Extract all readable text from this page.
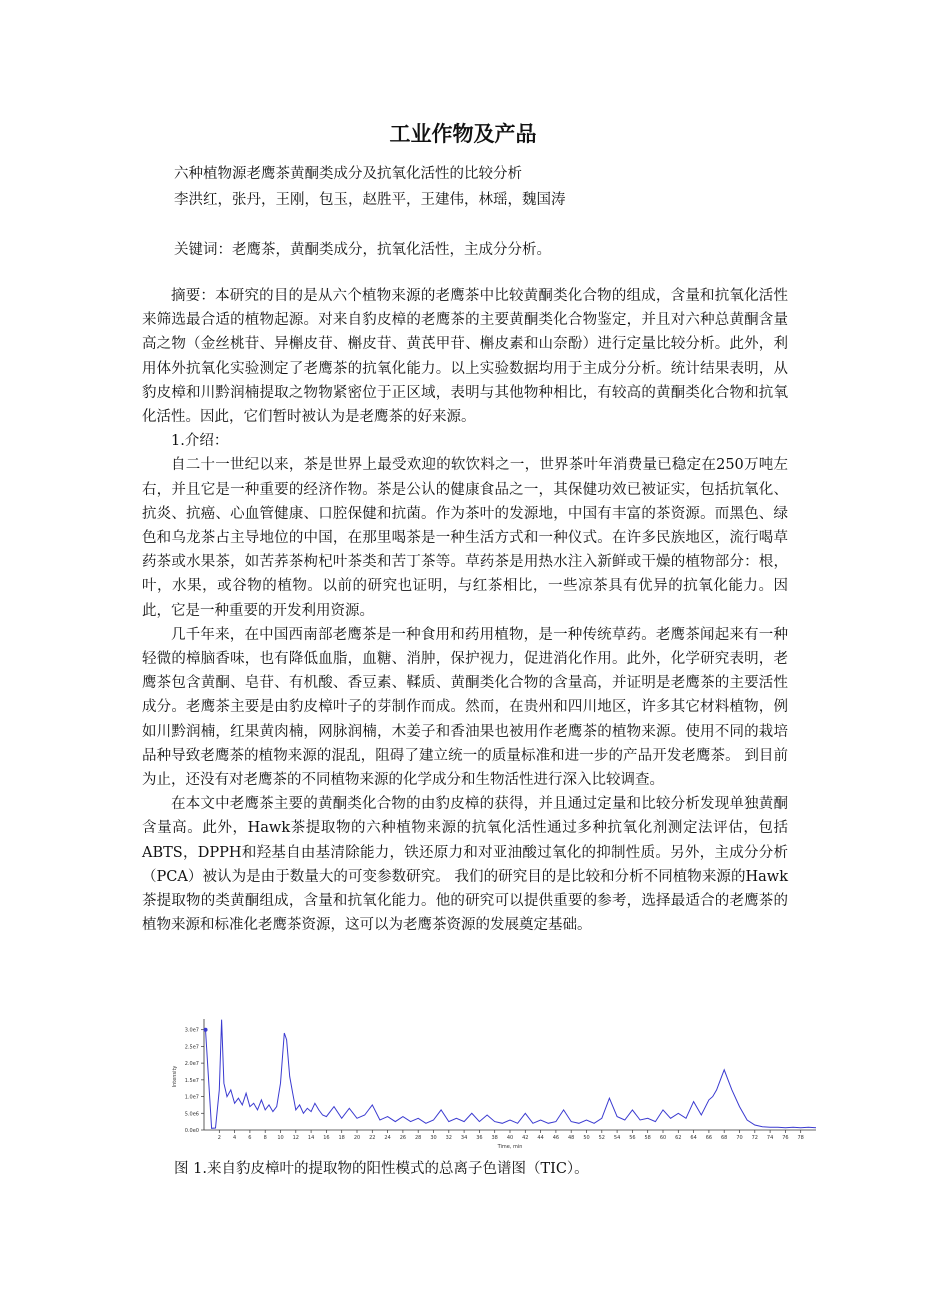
工业作物及产品
六种植物源老鹰茶黄酮类成分及抗氧化活性的比较分析
李洪红，张丹，王刚，包玉，赵胜平，王建伟，林瑶，魏国涛
关键词：老鹰茶，黄酮类成分，抗氧化活性，主成分分析。

摘要：本研究的目的是从六个植物来源的老鹰茶中比较黄酮类化合物的组成，含量和抗氧化活性来筛选最合适的植物起源。对来自豹皮樟的老鹰茶的主要黄酮类化合物鉴定，并且对六种总黄酮含量高之物（金丝桃苷、异槲皮苷、槲皮苷、黄芪甲苷、槲皮素和山奈酚）进行定量比较分析。此外，利用体外抗氧化实验测定了老鹰茶的抗氧化能力。以上实验数据均用于主成分分析。统计结果表明，从豹皮樟和川黔润楠提取之物物紧密位于正区域，表明与其他物种相比，有较高的黄酮类化合物和抗氧化活性。因此，它们暂时被认为是老鹰茶的好来源。

1.介绍：

自二十一世纪以来，茶是世界上最受欢迎的软饮料之一，世界茶叶年消费量已稳定在250万吨左右，并且它是一种重要的经济作物。茶是公认的健康食品之一，其保健功效已被证实，包括抗氧化、抗炎、抗癌、心血管健康、口腔保健和抗菌。作为茶叶的发源地，中国有丰富的茶资源。而黑色、绿色和乌龙茶占主导地位的中国，在那里喝茶是一种生活方式和一种仪式。在许多民族地区，流行喝草药茶或水果茶，如苦荞茶枸杞叶茶类和苦丁茶等。草药茶是用热水注入新鲜或干燥的植物部分：根，叶，水果，或谷物的植物。以前的研究也证明，与红茶相比，一些凉茶具有优异的抗氧化能力。因此，它是一种重要的开发利用资源。

几千年来，在中国西南部老鹰茶是一种食用和药用植物，是一种传统草药。老鹰茶闻起来有一种轻微的樟脑香味，也有降低血脂，血糖、消肿，保护视力，促进消化作用。此外，化学研究表明，老鹰茶包含黄酮、皂苷、有机酸、香豆素、鞣质、黄酮类化合物的含量高，并证明是老鹰茶的主要活性成分。老鹰茶主要是由豹皮樟叶子的芽制作而成。然而，在贵州和四川地区，许多其它材料植物，例如川黔润楠，红果黄肉楠，网脉润楠，木姜子和香油果也被用作老鹰茶的植物来源。使用不同的栽培品种导致老鹰茶的植物来源的混乱，阻碍了建立统一的质量标准和进一步的产品开发老鹰茶。 到目前为止，还没有对老鹰茶的不同植物来源的化学成分和生物活性进行深入比较调查。

在本文中老鹰茶主要的黄酮类化合物的由豹皮樟的获得，并且通过定量和比较分析发现单独黄酮含量高。此外，Hawk茶提取物的六种植物来源的抗氧化活性通过多种抗氧化剂测定法评估，包括ABTS，DPPH和羟基自由基清除能力，铁还原力和对亚油酸过氧化的抑制性质。另外，主成分分析（PCA）被认为是由于数量大的可变参数研究。 我们的研究目的是比较和分析不同植物来源的Hawk茶提取物的类黄酮组成，含量和抗氧化能力。他的研究可以提供重要的参考，选择最适合的老鹰茶的植物来源和标准化老鹰茶资源，这可以为老鹰茶资源的发展奠定基础。

0.0e0
5.0e6
1.0e7
1.5e7
2.0e7
2.5e7
3.0e7
2 4 6 8 10 12 14 16 18 20 22 24 26 28 30 32 34 36 38 40 42 44 46 48 50 52 54 56 58 60 62 64 66 68 70 72 74 76 78
Time, min
Intensity
图 1.来自豹皮樟叶的提取物的阳性模式的总离子色谱图（TIC）。
